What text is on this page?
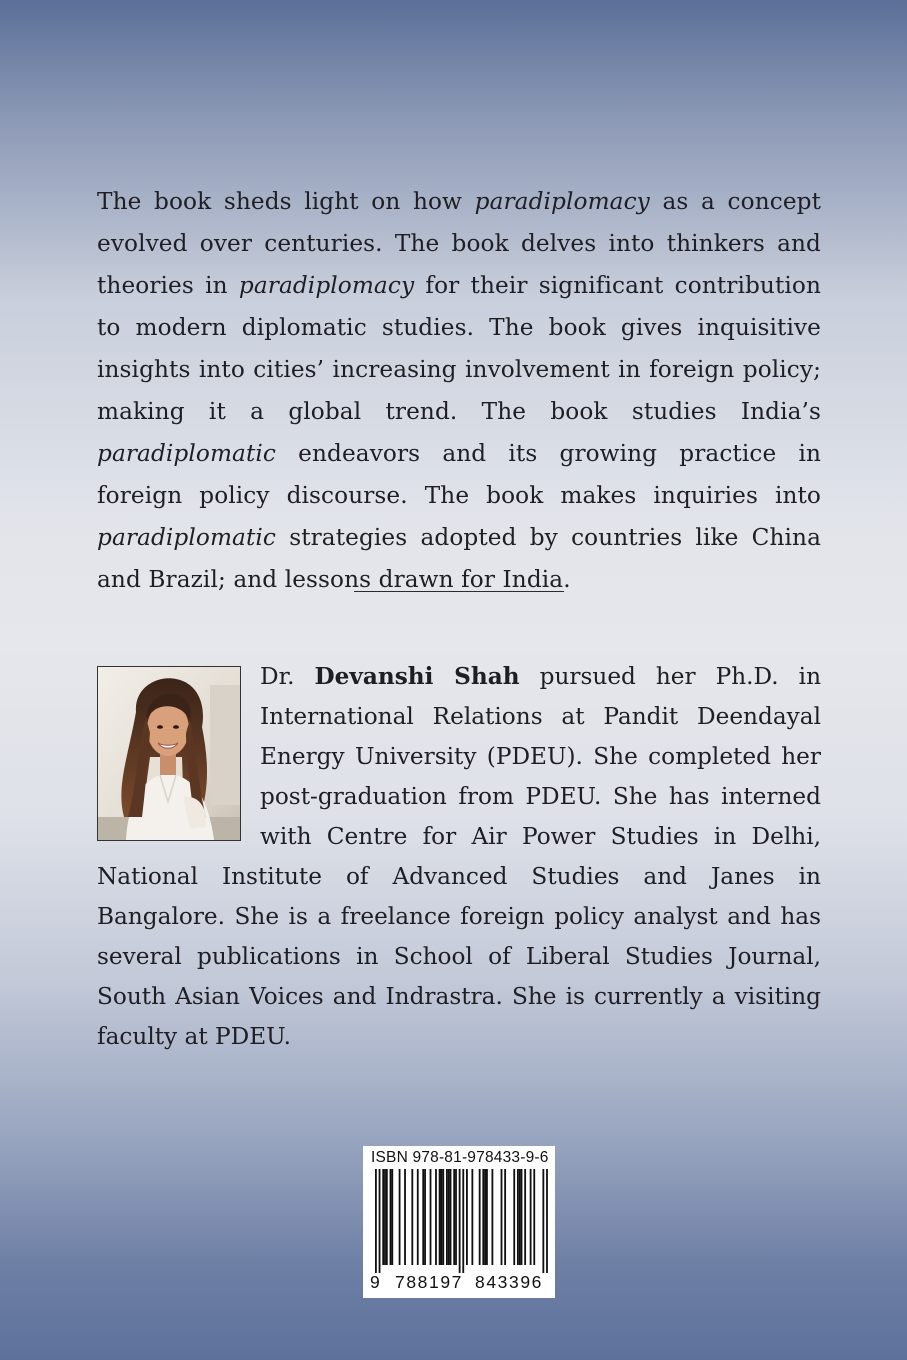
The book sheds light on how paradiplomacy as a concept evolved over centuries. The book delves into thinkers and theories in paradiplomacy for their significant contribution to modern diplomatic studies. The book gives inquisitive insights into cities’ increasing involvement in foreign policy; making it a global trend. The book studies India’s paradiplomatic endeavors and its growing practice in foreign policy discourse. The book makes inquiries into paradiplomatic strategies adopted by countries like China and Brazil; and lessons drawn for India.
Dr. Devanshi Shah pursued her Ph.D. in International Relations at Pandit Deendayal Energy University (PDEU). She completed her post-graduation from PDEU. She has interned with Centre for Air Power Studies in Delhi, National Institute of Advanced Studies and Janes in Bangalore. She is a freelance foreign policy analyst and has several publications in School of Liberal Studies Journal, South Asian Voices and Indrastra. She is currently a visiting faculty at PDEU.
ISBN 978-81-978433-9-6
9 788197 843396
